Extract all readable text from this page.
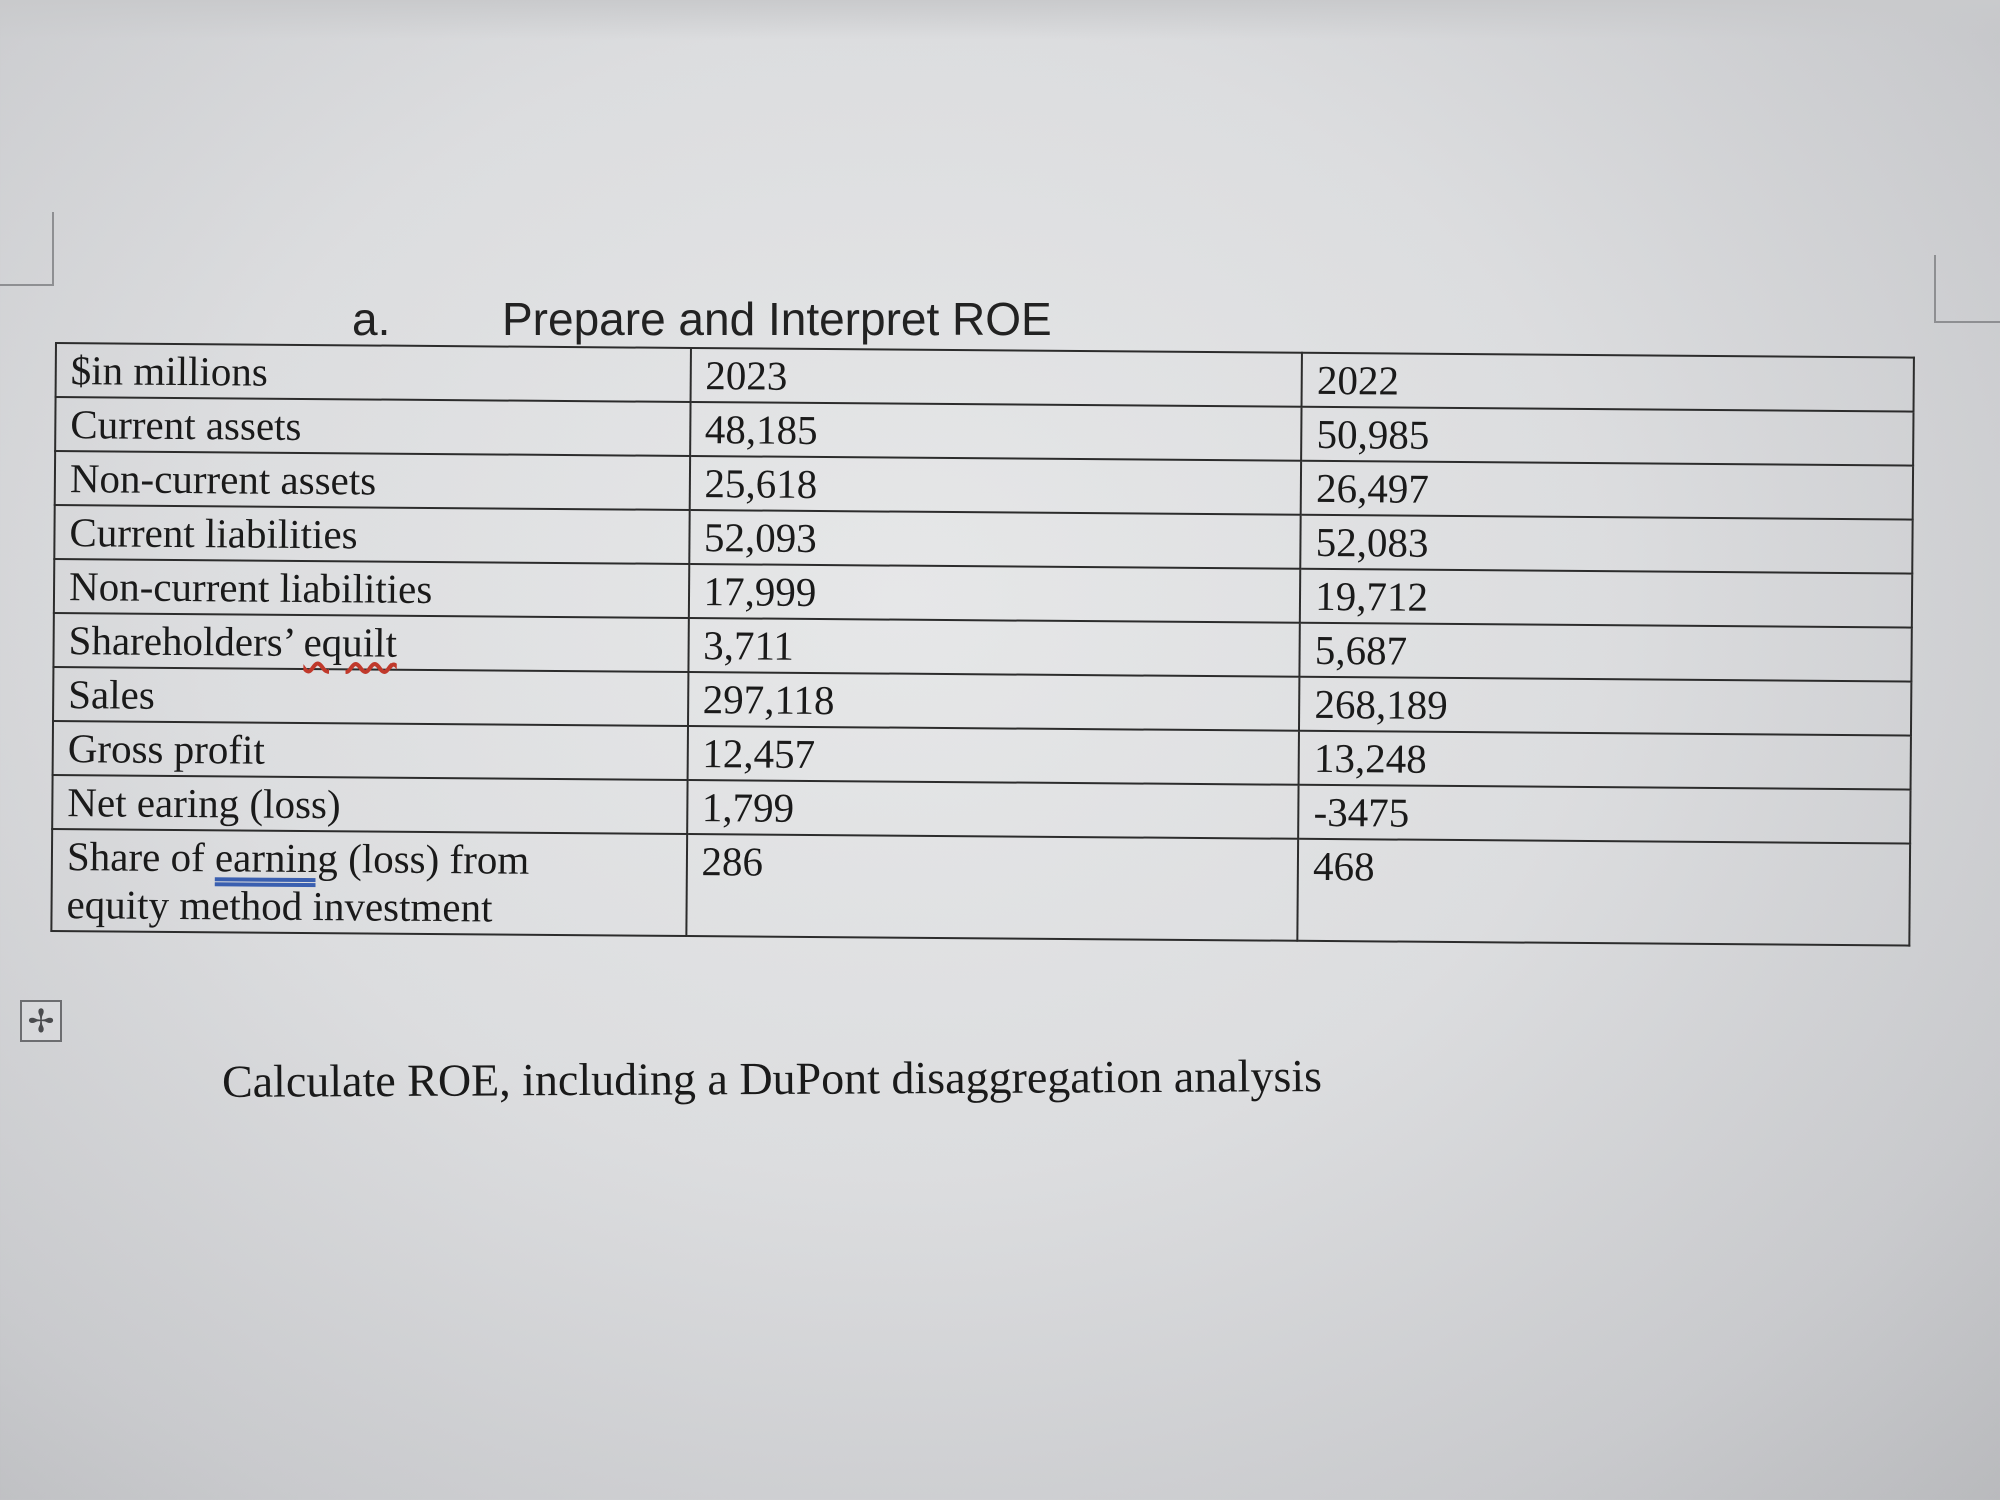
✢
a. Prepare and Interpret ROE
$in millions	2023	2022
Current assets	48,185	50,985
Non-current assets	25,618	26,497
Current liabilities	52,093	52,083
Non-current liabilities	17,999	19,712
Shareholders’ equilt	3,711	5,687
Sales	297,118	268,189
Gross profit	12,457	13,248
Net earing (loss)	1,799	-3475
Share of earning (loss) from
equity method investment	286	468
Calculate ROE, including a DuPont disaggregation analysis
